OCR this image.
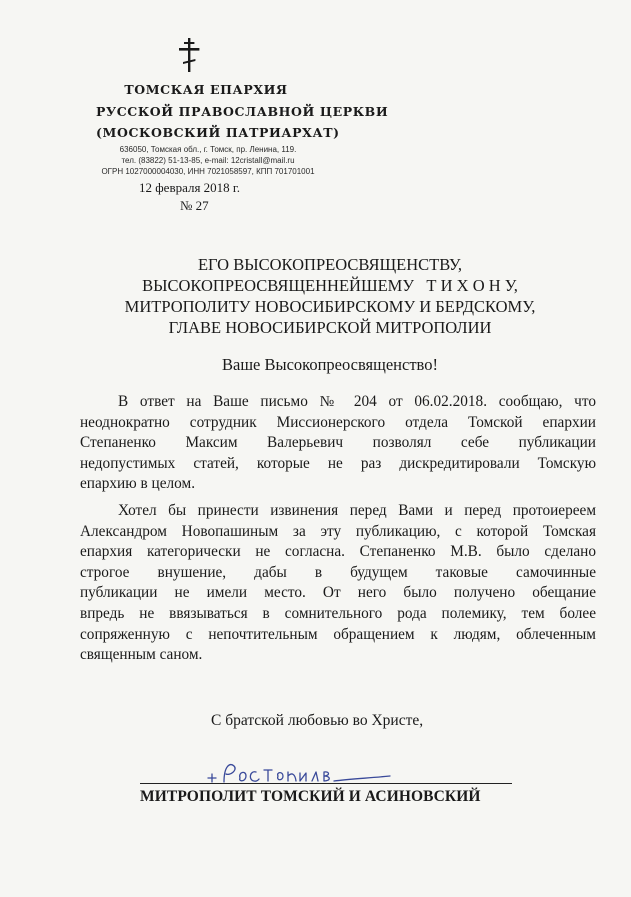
ТОМСКАЯ ЕПАРХИЯ
РУССКОЙ ПРАВОСЛАВНОЙ ЦЕРКВИ
(МОСКОВСКИЙ ПАТРИАРХАТ)
636050, Томская обл., г. Томск, пр. Ленина, 119.
тел. (83822) 51-13-85, e-mail: 12cristall@mail.ru
ОГРН 1027000004030, ИНН 7021058597, КПП 701701001
12 февраля 2018 г.
№ 27
ЕГО ВЫСОКОПРЕОСВЯЩЕНСТВУ,
ВЫСОКОПРЕОСВЯЩЕННЕЙШЕМУ   Т И Х О Н У,
МИТРОПОЛИТУ НОВОСИБИРСКОМУ И БЕРДСКОМУ,
ГЛАВЕ НОВОСИБИРСКОЙ МИТРОПОЛИИ
Ваше Высокопреосвященство!
В ответ на Ваше письмо № 204 от 06.02.2018. сообщаю, что
неоднократно сотрудник Миссионерского отдела Томской епархии
Степаненко Максим Валерьевич позволял себе публикации
недопустимых статей, которые не раз дискредитировали Томскую
епархию в целом.
Хотел бы принести извинения перед Вами и перед протоиереем
Александром Новопашиным за эту публикацию, с которой Томская
епархия категорически не согласна. Степаненко М.В. было сделано
строгое внушение, дабы в будущем таковые самочинные
публикации не имели место. От него было получено обещание
впредь не ввязываться в сомнительного рода полемику, тем более
сопряженную с непочтительным обращением к людям, облеченным
священным саном.
С братской любовью во Христе,
МИТРОПОЛИТ ТОМСКИЙ И АСИНОВСКИЙ
